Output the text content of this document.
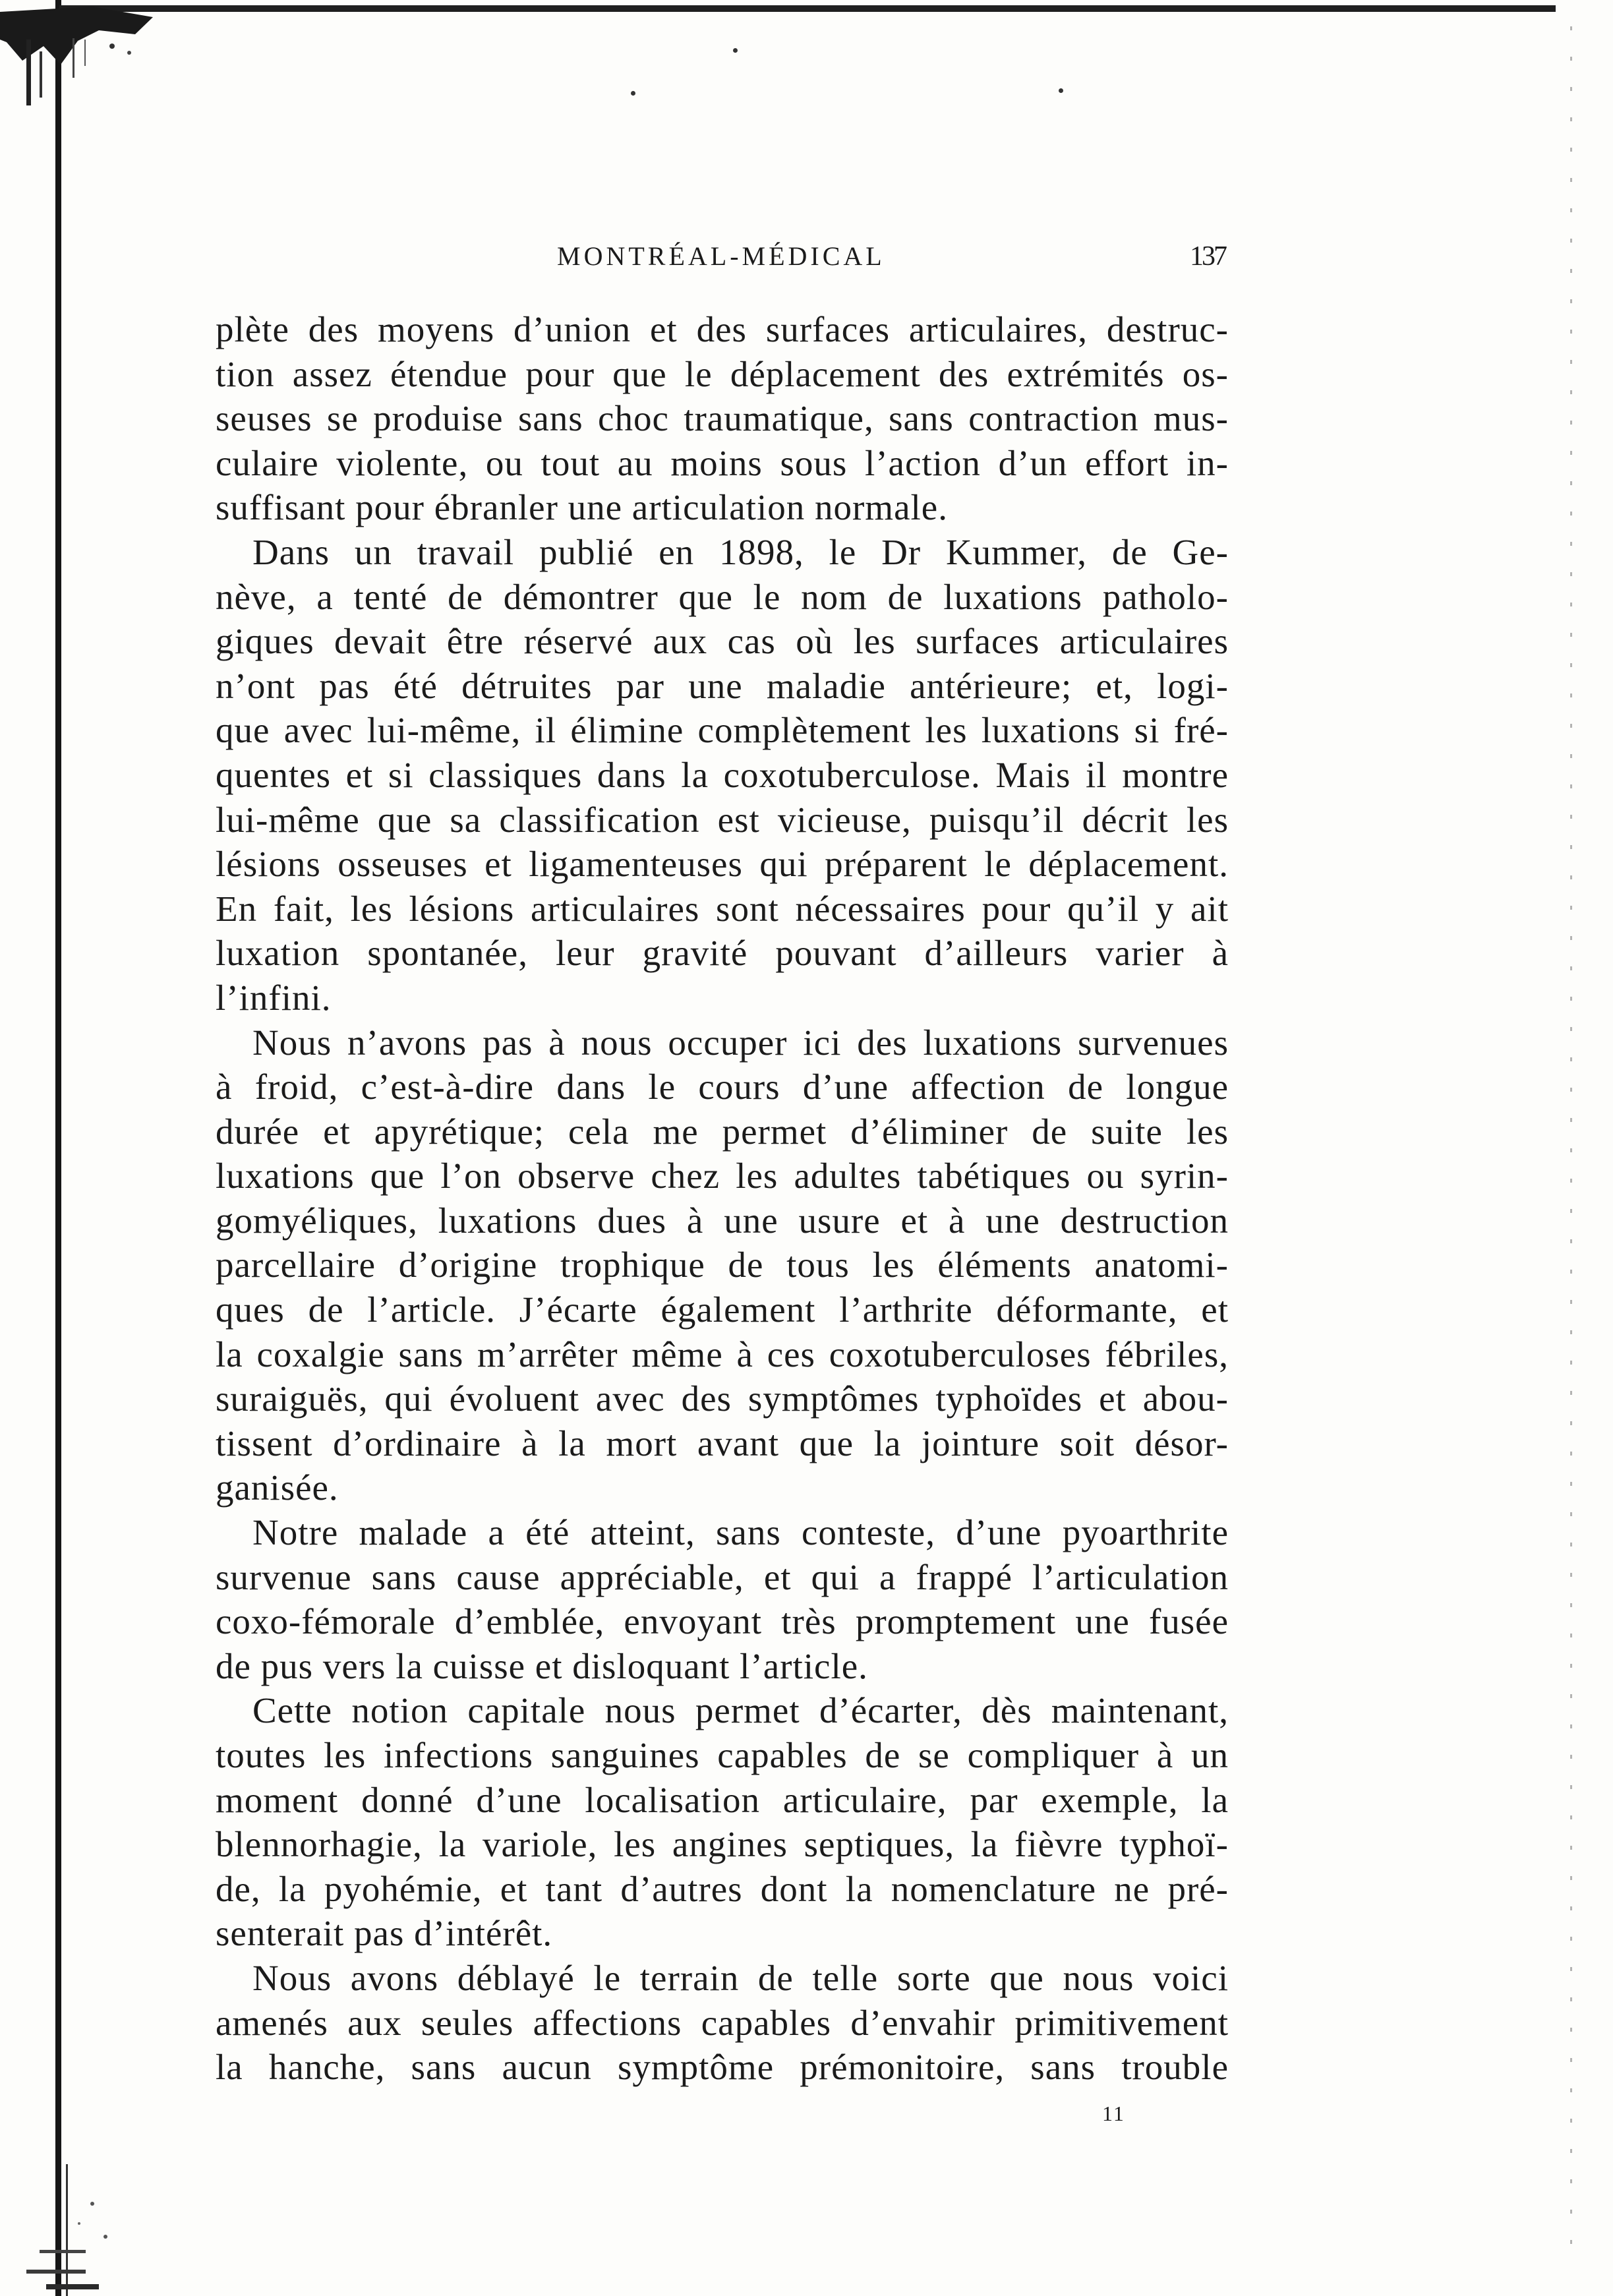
MONTRÉAL-MÉDICAL	137
plète des moyens d’union et des surfaces articulaires, destruc-
tion assez étendue pour que le déplacement des extrémités os-
seuses se produise sans choc traumatique, sans contraction mus-
culaire violente, ou tout au moins sous l’action d’un effort in-
suffisant pour ébranler une articulation normale.
Dans un travail publié en 1898, le Dr Kummer, de Ge-
nève, a tenté de démontrer que le nom de luxations patholo-
giques devait être réservé aux cas où les surfaces articulaires
n’ont pas été détruites par une maladie antérieure; et, logi-
que avec lui-même, il élimine complètement les luxations si fré-
quentes et si classiques dans la coxotuberculose. Mais il montre
lui-même que sa classification est vicieuse, puisqu’il décrit les
lésions osseuses et ligamenteuses qui préparent le déplacement.
En fait, les lésions articulaires sont nécessaires pour qu’il y ait
luxation spontanée, leur gravité pouvant d’ailleurs varier à
l’infini.
Nous n’avons pas à nous occuper ici des luxations survenues
à froid, c’est-à-dire dans le cours d’une affection de longue
durée et apyrétique; cela me permet d’éliminer de suite les
luxations que l’on observe chez les adultes tabétiques ou syrin-
gomyéliques, luxations dues à une usure et à une destruction
parcellaire d’origine trophique de tous les éléments anatomi-
ques de l’article. J’écarte également l’arthrite déformante, et
la coxalgie sans m’arrêter même à ces coxotuberculoses fébriles,
suraiguës, qui évoluent avec des symptômes typhoïdes et abou-
tissent d’ordinaire à la mort avant que la jointure soit désor-
ganisée.
Notre malade a été atteint, sans conteste, d’une pyoarthrite
survenue sans cause appréciable, et qui a frappé l’articulation
coxo-fémorale d’emblée, envoyant très promptement une fusée
de pus vers la cuisse et disloquant l’article.
Cette notion capitale nous permet d’écarter, dès maintenant,
toutes les infections sanguines capables de se compliquer à un
moment donné d’une localisation articulaire, par exemple, la
blennorhagie, la variole, les angines septiques, la fièvre typhoï-
de, la pyohémie, et tant d’autres dont la nomenclature ne pré-
senterait pas d’intérêt.
Nous avons déblayé le terrain de telle sorte que nous voici
amenés aux seules affections capables d’envahir primitivement
la hanche, sans aucun symptôme prémonitoire, sans trouble
11
